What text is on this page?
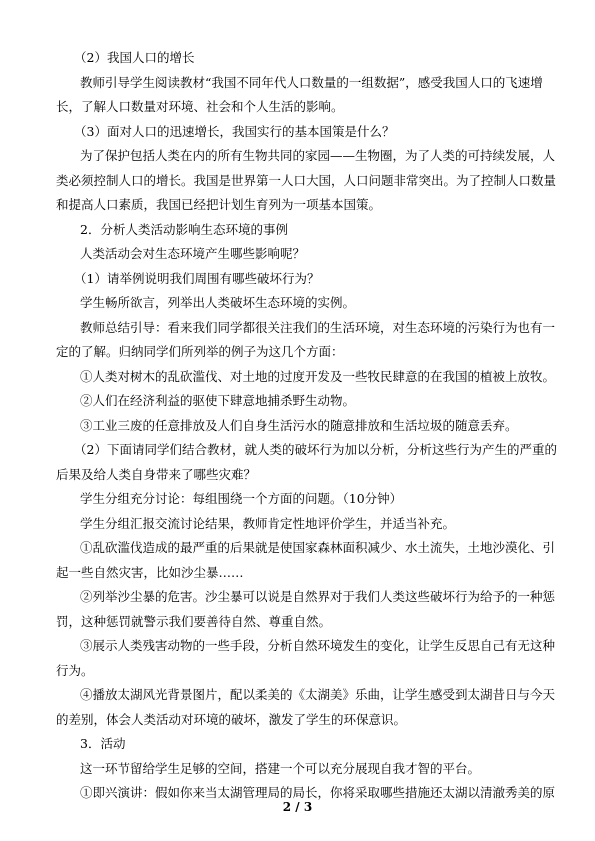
（2）我国人口的增长
教师引导学生阅读教材“我国不同年代人口数量的一组数据”，感受我国人口的飞速增
长，了解人口数量对环境、社会和个人生活的影响。
（3）面对人口的迅速增长，我国实行的基本国策是什么？
为了保护包括人类在内的所有生物共同的家园——生物圈，为了人类的可持续发展，人
类必须控制人口的增长。我国是世界第一人口大国，人口问题非常突出。为了控制人口数量
和提高人口素质，我国已经把计划生育列为一项基本国策。
2．分析人类活动影响生态环境的事例
人类活动会对生态环境产生哪些影响呢？
（1）请举例说明我们周围有哪些破坏行为？
学生畅所欲言，列举出人类破坏生态环境的实例。
教师总结引导：看来我们同学都很关注我们的生活环境，对生态环境的污染行为也有一
定的了解。归纳同学们所列举的例子为这几个方面：
①人类对树木的乱砍滥伐、对土地的过度开发及一些牧民肆意的在我国的植被上放牧。
②人们在经济利益的驱使下肆意地捕杀野生动物。
③工业三废的任意排放及人们自身生活污水的随意排放和生活垃圾的随意丢弃。
（2）下面请同学们结合教材，就人类的破坏行为加以分析，分析这些行为产生的严重的
后果及给人类自身带来了哪些灾难？
学生分组充分讨论：每组围绕一个方面的问题。（10分钟）
学生分组汇报交流讨论结果，教师肯定性地评价学生，并适当补充。
①乱砍滥伐造成的最严重的后果就是使国家森林面积减少、水土流失，土地沙漠化、引
起一些自然灾害，比如沙尘暴……
②列举沙尘暴的危害。沙尘暴可以说是自然界对于我们人类这些破坏行为给予的一种惩
罚，这种惩罚就警示我们要善待自然、尊重自然。
③展示人类残害动物的一些手段，分析自然环境发生的变化，让学生反思自己有无这种
行为。
④播放太湖风光背景图片，配以柔美的《太湖美》乐曲，让学生感受到太湖昔日与今天
的差别，体会人类活动对环境的破坏，激发了学生的环保意识。
3．活动
这一环节留给学生足够的空间，搭建一个可以充分展现自我才智的平台。
①即兴演讲：假如你来当太湖管理局的局长，你将采取哪些措施还太湖以清澈秀美的原
2 / 3
